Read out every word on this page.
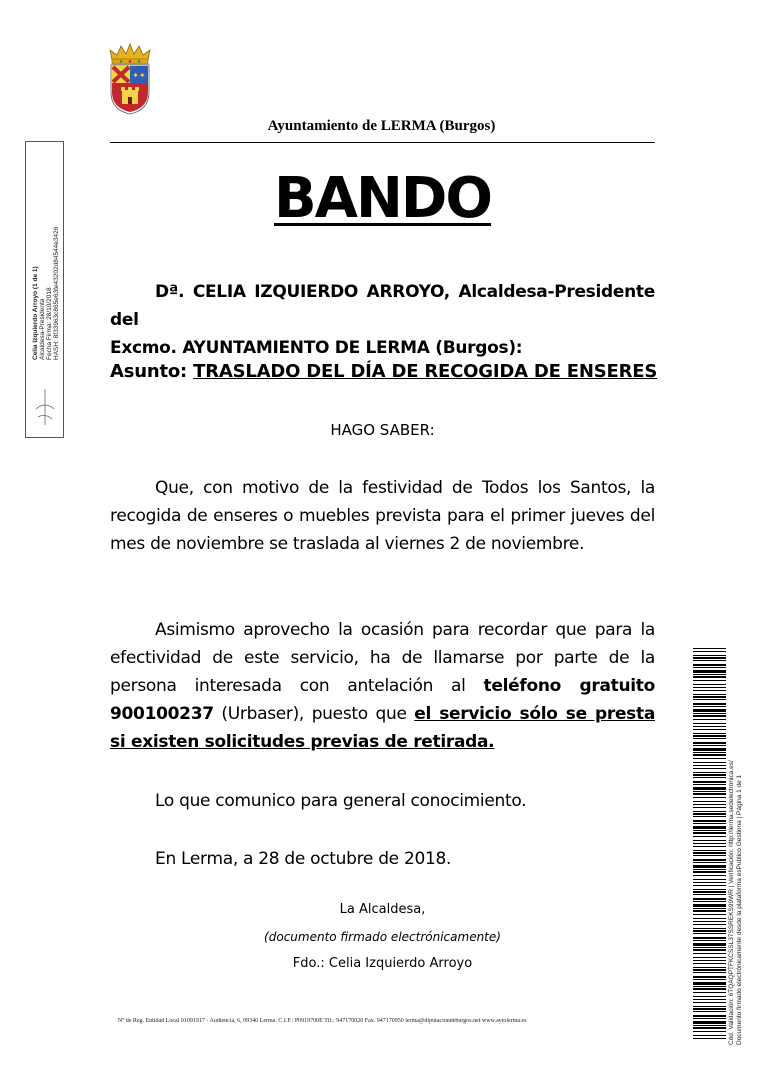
✦✦
Ayuntamiento de LERMA (Burgos)
BANDO
Dª. CELIA IZQUIERDO ARROYO, Alcaldesa-Presidente del
Excmo. AYUNTAMIENTO DE LERMA (Burgos):
Asunto: TRASLADO DEL DÍA DE RECOGIDA DE ENSERES
HAGO SABER:
Que, con motivo de la festividad de Todos los Santos, la recogida de enseres o muebles prevista para el primer jueves del mes de noviembre se traslada al viernes 2 de noviembre.
Asimismo aprovecho la ocasión para recordar que para la efectividad de este servicio, ha de llamarse por parte de la persona interesada con antelación al teléfono gratuito 900100237 (Urbaser), puesto que el servicio sólo se presta si existen solicitudes previas de retirada.
Lo que comunico para general conocimiento.
En Lerma, a 28 de octubre de 2018.
La Alcaldesa,
(documento firmado electrónicamente)
Fdo.: Celia Izquierdo Arroyo
Nº de Reg. Entidad Local 01091917 · Audiencia, 6, 09340 Lerma. C.I.F.: P0919700E Tlf.: 947170020 Fax. 947170950 lerma@diputaciondeburgos.net www.aytolerma.es
Celia Izquierdo Arroyo (1 de 1) Alcaldesa-Presidenta Fecha Firma: 28/10/2018 HASH: 8f33963c865e63fe43202d84544e3426
Cód. Validación: 6TQAQPTFKCSSL37SSREKS99WR | Verificación: http://lerma.sedelectronica.es/ Documento firmado electrónicamente desde la plataforma esPublico Gestiona | Página 1 de 1
